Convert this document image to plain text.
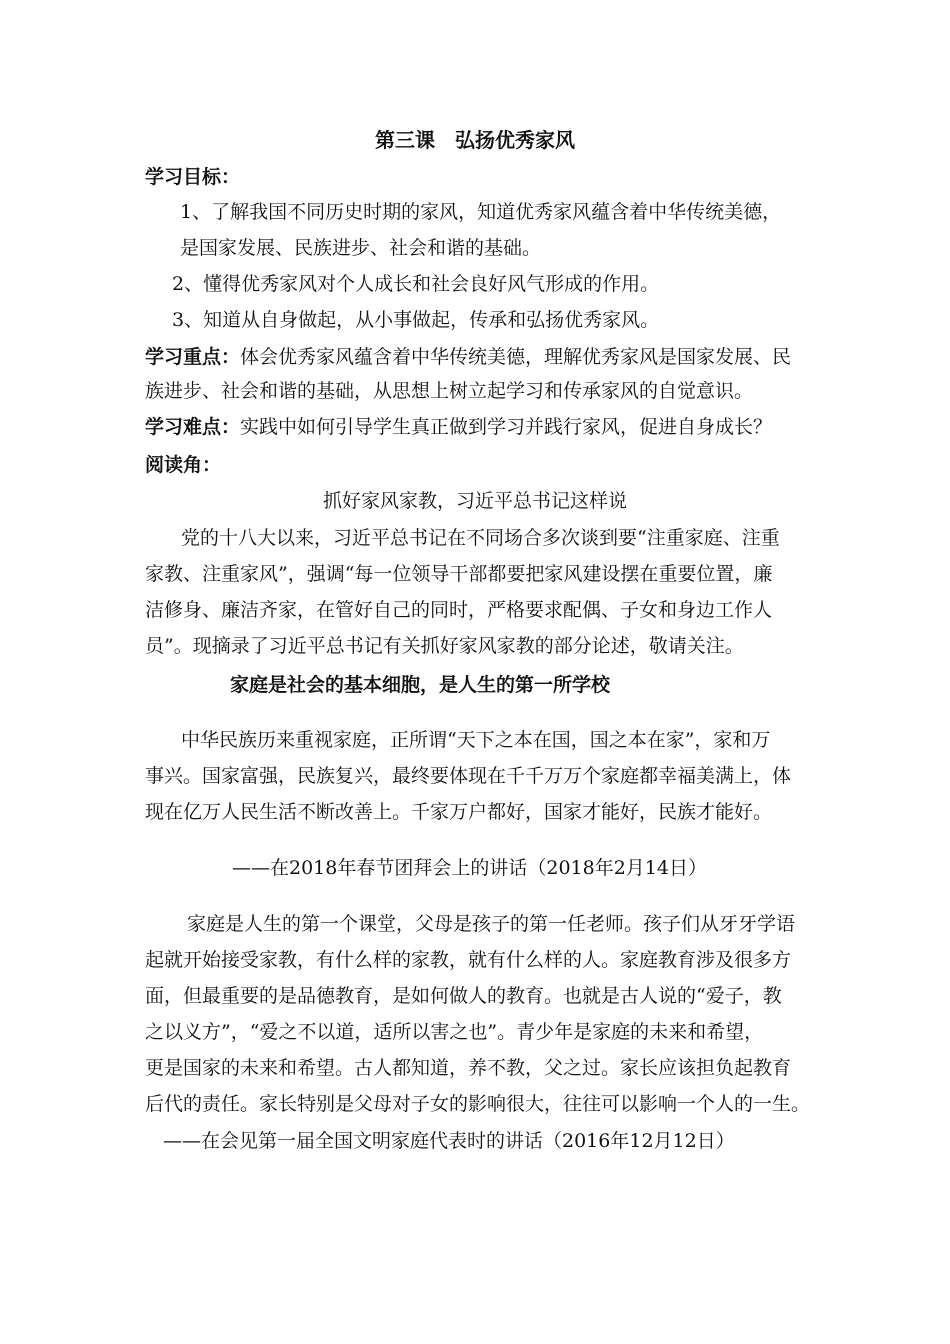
第三课　弘扬优秀家风
学习目标：
1、了解我国不同历史时期的家风，知道优秀家风蕴含着中华传统美德，
是国家发展、民族进步、社会和谐的基础。
2、懂得优秀家风对个人成长和社会良好风气形成的作用。
3、知道从自身做起，从小事做起，传承和弘扬优秀家风。
学习重点：体会优秀家风蕴含着中华传统美德，理解优秀家风是国家发展、民
族进步、社会和谐的基础，从思想上树立起学习和传承家风的自觉意识。
学习难点：实践中如何引导学生真正做到学习并践行家风，促进自身成长？
阅读角：
抓好家风家教，习近平总书记这样说
党的十八大以来，习近平总书记在不同场合多次谈到要“注重家庭、注重
家教、注重家风”，强调“每一位领导干部都要把家风建设摆在重要位置，廉
洁修身、廉洁齐家，在管好自己的同时，严格要求配偶、子女和身边工作人
员”。现摘录了习近平总书记有关抓好家风家教的部分论述，敬请关注。
家庭是社会的基本细胞，是人生的第一所学校
中华民族历来重视家庭，正所谓“天下之本在国，国之本在家”，家和万
事兴。国家富强，民族复兴，最终要体现在千千万万个家庭都幸福美满上，体
现在亿万人民生活不断改善上。千家万户都好，国家才能好，民族才能好。
——在2018年春节团拜会上的讲话（2018年2月14日）
家庭是人生的第一个课堂，父母是孩子的第一任老师。孩子们从牙牙学语
起就开始接受家教，有什么样的家教，就有什么样的人。家庭教育涉及很多方
面，但最重要的是品德教育，是如何做人的教育。也就是古人说的“爱子，教
之以义方”，“爱之不以道，适所以害之也”。青少年是家庭的未来和希望，
更是国家的未来和希望。古人都知道，养不教，父之过。家长应该担负起教育
后代的责任。家长特别是父母对子女的影响很大，往往可以影响一个人的一生。
——在会见第一届全国文明家庭代表时的讲话（2016年12月12日）
